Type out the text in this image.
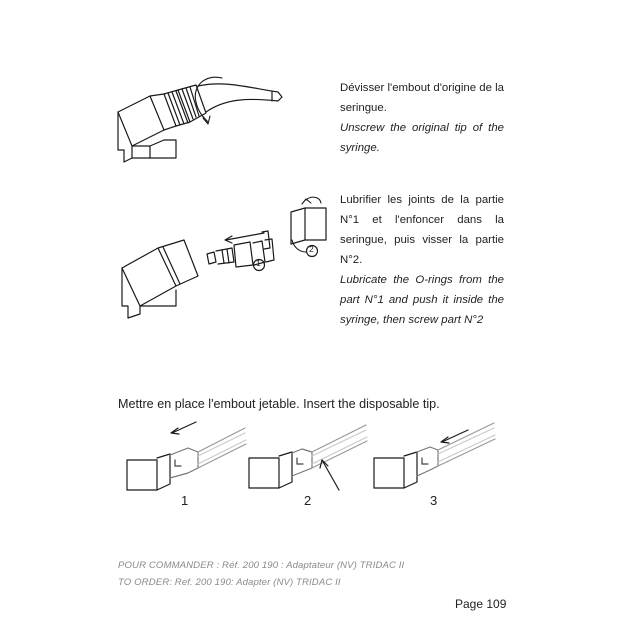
1
2
Dévisser l'embout d'origine de la seringue.
Unscrew the original tip of the syringe.
Lubrifier les joints de la partie N°1 et l'enfoncer dans la seringue, puis visser la partie N°2.
Lubricate the O-rings from the part N°1 and push it inside the syringe, then screw part N°2
Mettre en place l'embout jetable. Insert the disposable tip.
1	2	3
POUR COMMANDER : Réf. 200 190 : Adaptateur (NV) TRIDAC II
TO ORDER: Ref. 200 190: Adapter (NV) TRIDAC II
Page 109
